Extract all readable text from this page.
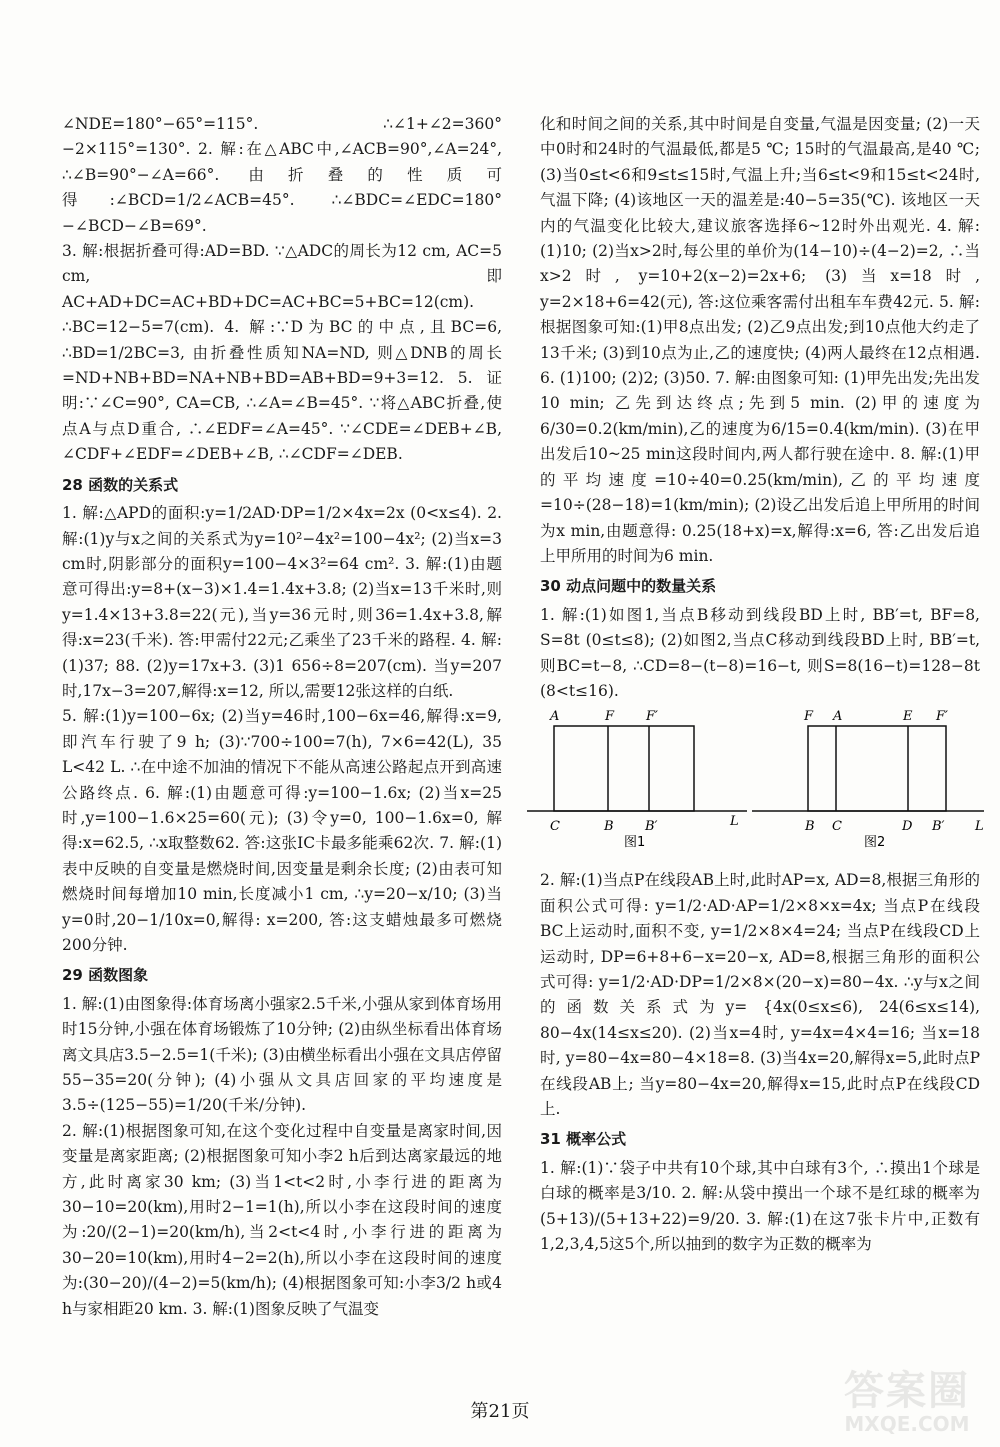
∠NDE=180°−65°=115°. ∴∠1+∠2=360°−2×115°=130°. 2. 解:在△ABC中,∠ACB=90°,∠A=24°, ∴∠B=90°−∠A=66°. 由折叠的性质可得:∠BCD=1/2∠ACB=45°. ∴∠BDC=∠EDC=180°−∠BCD−∠B=69°.

3. 解:根据折叠可得:AD=BD. ∵△ADC的周长为12 cm, AC=5 cm,即AC+AD+DC=AC+BD+DC=AC+BC=5+BC=12(cm). ∴BC=12−5=7(cm). 4. 解:∵D为BC的中点,且BC=6, ∴BD=1/2BC=3, 由折叠性质知NA=ND, 则△DNB的周长=ND+NB+BD=NA+NB+BD=AB+BD=9+3=12. 5. 证明:∵∠C=90°, CA=CB, ∴∠A=∠B=45°. ∵将△ABC折叠,使点A与点D重合, ∴∠EDF=∠A=45°. ∵∠CDE=∠DEB+∠B, ∠CDF+∠EDF=∠DEB+∠B, ∴∠CDF=∠DEB.

28 函数的关系式

1. 解:△APD的面积:y=1/2AD·DP=1/2×4x=2x (0<x≤4). 2. 解:(1)y与x之间的关系式为y=10²−4x²=100−4x²; (2)当x=3 cm时,阴影部分的面积y=100−4×3²=64 cm². 3. 解:(1)由题意可得出:y=8+(x−3)×1.4=1.4x+3.8; (2)当x=13千米时,则y=1.4×13+3.8=22(元),当y=36元时,则36=1.4x+3.8,解得:x=23(千米). 答:甲需付22元;乙乘坐了23千米的路程. 4. 解:(1)37; 88. (2)y=17x+3. (3)1 656÷8=207(cm). 当y=207时,17x−3=207,解得:x=12, 所以,需要12张这样的白纸.

5. 解:(1)y=100−6x; (2)当y=46时,100−6x=46,解得:x=9, 即汽车行驶了9 h; (3)∵700÷100=7(h), 7×6=42(L), 35 L<42 L. ∴在中途不加油的情况下不能从高速公路起点开到高速公路终点. 6. 解:(1)由题意可得:y=100−1.6x; (2)当x=25时,y=100−1.6×25=60(元); (3)令y=0, 100−1.6x=0, 解得:x=62.5, ∴x取整数62. 答:这张IC卡最多能乘62次. 7. 解:(1)表中反映的自变量是燃烧时间,因变量是剩余长度; (2)由表可知燃烧时间每增加10 min,长度减小1 cm, ∴y=20−x/10; (3)当y=0时,20−1/10x=0,解得: x=200, 答:这支蜡烛最多可燃烧200分钟.

29 函数图象

1. 解:(1)由图象得:体育场离小强家2.5千米,小强从家到体育场用时15分钟,小强在体育场锻炼了10分钟; (2)由纵坐标看出体育场离文具店3.5−2.5=1(千米); (3)由横坐标看出小强在文具店停留55−35=20(分钟); (4)小强从文具店回家的平均速度是3.5÷(125−55)=1/20(千米/分钟).

2. 解:(1)根据图象可知,在这个变化过程中自变量是离家时间,因变量是离家距离; (2)根据图象可知小李2 h后到达离家最远的地方,此时离家30 km; (3)当1<t<2时,小李行进的距离为30−10=20(km),用时2−1=1(h),所以小李在这段时间的速度为:20/(2−1)=20(km/h),当2<t<4时,小李行进的距离为30−20=10(km),用时4−2=2(h),所以小李在这段时间的速度为:(30−20)/(4−2)=5(km/h); (4)根据图象可知:小李3/2 h或4 h与家相距20 km. 3. 解:(1)图象反映了气温变

化和时间之间的关系,其中时间是自变量,气温是因变量; (2)一天中0时和24时的气温最低,都是5 ℃; 15时的气温最高,是40 ℃; (3)当0≤t<6和9≤t≤15时,气温上升;当6≤t<9和15≤t<24时,气温下降; (4)该地区一天的温差是:40−5=35(℃). 该地区一天内的气温变化比较大,建议旅客选择6~12时外出观光. 4. 解:(1)10; (2)当x>2时,每公里的单价为(14−10)÷(4−2)=2, ∴当x>2时, y=10+2(x−2)=2x+6; (3)当x=18时, y=2×18+6=42(元), 答:这位乘客需付出租车车费42元. 5. 解:根据图象可知:(1)甲8点出发; (2)乙9点出发;到10点他大约走了13千米; (3)到10点为止,乙的速度快; (4)两人最终在12点相遇. 6. (1)100; (2)2; (3)50. 7. 解:由图象可知: (1)甲先出发;先出发10 min; 乙先到达终点;先到5 min. (2)甲的速度为6/30=0.2(km/min),乙的速度为6/15=0.4(km/min). (3)在甲出发后10~25 min这段时间内,两人都行驶在途中. 8. 解:(1)甲的平均速度=10÷40=0.25(km/min),乙的平均速度=10÷(28−18)=1(km/min); (2)设乙出发后追上甲所用的时间为x min,由题意得: 0.25(18+x)=x,解得:x=6, 答:乙出发后追上甲所用的时间为6 min.

30 动点问题中的数量关系

1. 解:(1)如图1,当点B移动到线段BD上时, BB′=t, BF=8, S=8t (0≤t≤8); (2)如图2,当点C移动到线段BD上时, BB′=t, 则BC=t−8, ∴CD=8−(t−8)=16−t, 则S=8(16−t)=128−8t (8<t≤16).

A	F F′
C	B B′	L
图1
F A	E F′
B C	D B′ L
图2

2. 解:(1)当点P在线段AB上时,此时AP=x, AD=8,根据三角形的面积公式可得: y=1/2·AD·AP=1/2×8×x=4x; 当点P在线段BC上运动时,面积不变, y=1/2×8×4=24; 当点P在线段CD上运动时, DP=6+8+6−x=20−x, AD=8,根据三角形的面积公式可得: y=1/2·AD·DP=1/2×8×(20−x)=80−4x. ∴y与x之间的函数关系式为y= {4x(0≤x≤6), 24(6≤x≤14), 80−4x(14≤x≤20). (2)当x=4时, y=4x=4×4=16; 当x=18时, y=80−4x=80−4×18=8. (3)当4x=20,解得x=5,此时点P在线段AB上; 当y=80−4x=20,解得x=15,此时点P在线段CD上.

31 概率公式

1. 解:(1)∵袋子中共有10个球,其中白球有3个, ∴摸出1个球是白球的概率是3/10. 2. 解:从袋中摸出一个球不是红球的概率为(5+13)/(5+13+22)=9/20. 3. 解:(1)在这7张卡片中,正数有1,2,3,4,5这5个,所以抽到的数字为正数的概率为

第21页	答案圈
MXQE.COM
